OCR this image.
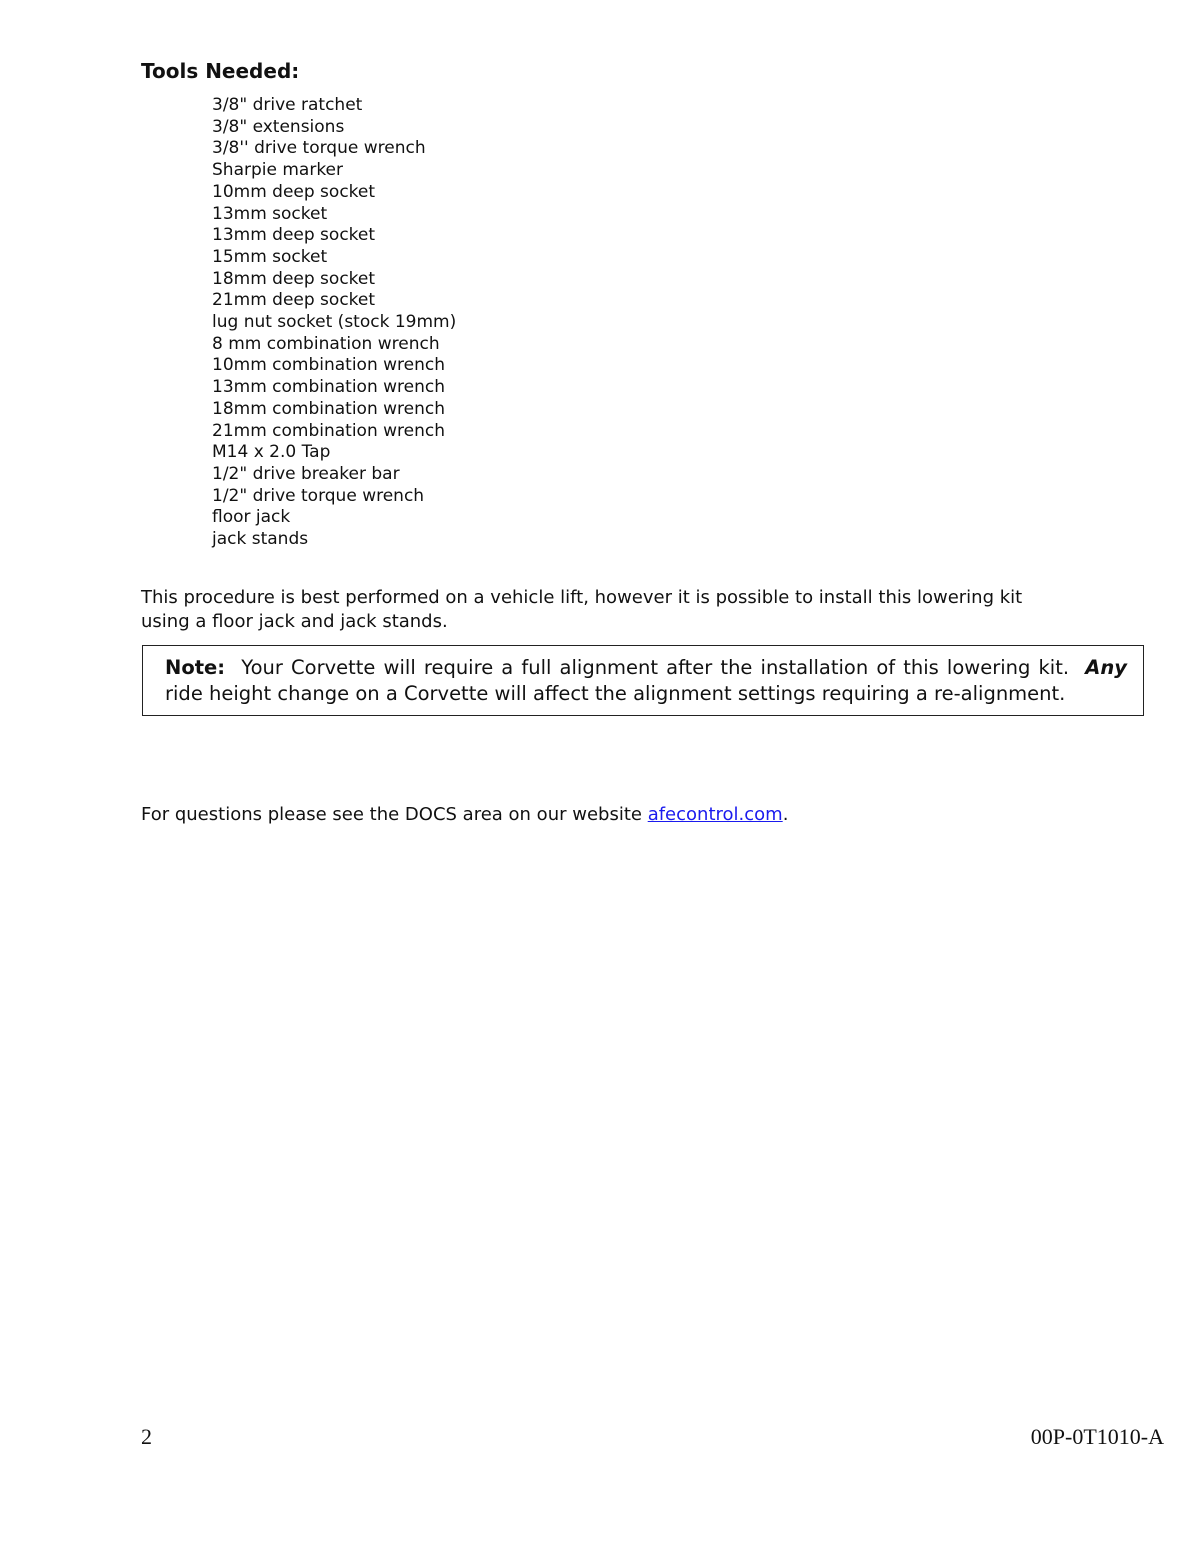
Tools Needed:
3/8" drive ratchet
3/8" extensions
3/8'' drive torque wrench
Sharpie marker
10mm deep socket
13mm socket
13mm deep socket
15mm socket
18mm deep socket
21mm deep socket
lug nut socket (stock 19mm)
8 mm combination wrench
10mm combination wrench
13mm combination wrench
18mm combination wrench
21mm combination wrench
M14 x 2.0 Tap
1/2" drive breaker bar
1/2" drive torque wrench
floor jack
jack stands

This procedure is best performed on a vehicle lift, however it is possible to install this lowering kit
using a floor jack and jack stands.

Note: Your Corvette will require a full alignment after the installation of this lowering kit. Any ride height change on a Corvette will affect the alignment settings requiring a re-alignment.

For questions please see the DOCS area on our website afecontrol.com.

2	00P-0T1010-A
